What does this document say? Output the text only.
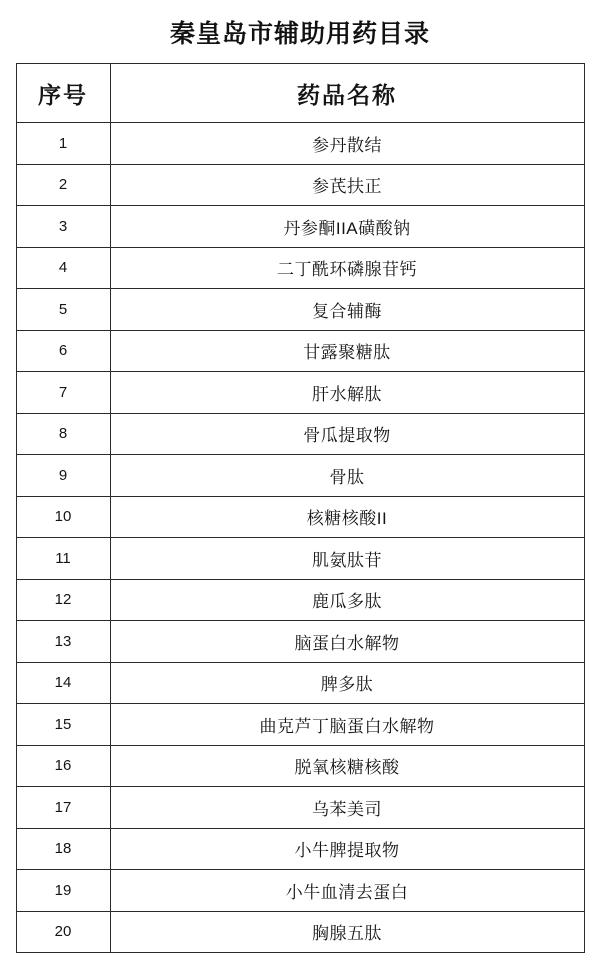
秦皇岛市辅助用药目录
序号	药品名称
1	参丹散结
2	参芪扶正
3	丹参酮IIA磺酸钠
4	二丁酰环磷腺苷钙
5	复合辅酶
6	甘露聚糖肽
7	肝水解肽
8	骨瓜提取物
9	骨肽
10	核糖核酸II
11	肌氨肽苷
12	鹿瓜多肽
13	脑蛋白水解物
14	脾多肽
15	曲克芦丁脑蛋白水解物
16	脱氧核糖核酸
17	乌苯美司
18	小牛脾提取物
19	小牛血清去蛋白
20	胸腺五肽
